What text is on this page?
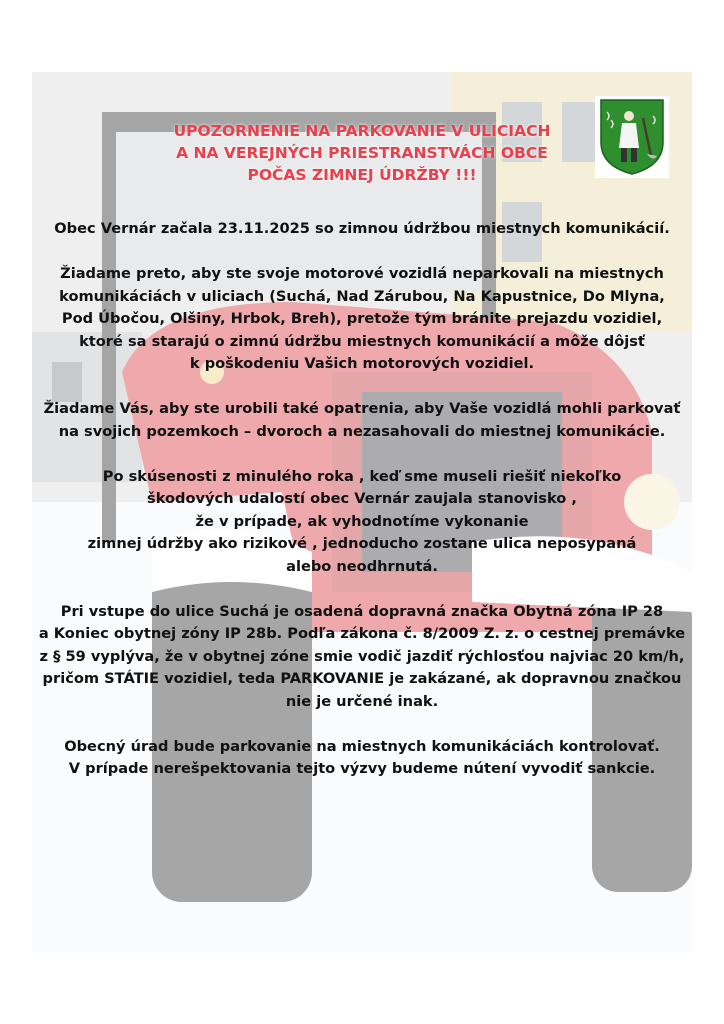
UPOZORNENIE NA PARKOVANIE V ULICIACH
A NA VEREJNÝCH PRIESTRANSTVÁCH OBCE
POČAS ZIMNEJ ÚDRŽBY !!!

Obec Vernár začala 23.11.2025 so zimnou údržbou miestnych komunikácií.

Žiadame preto, aby ste svoje motorové vozidlá neparkovali na miestnych
komunikáciách v uliciach (Suchá, Nad Zárubou, Na Kapustnice, Do Mlyna,
Pod Úbočou, Olšiny, Hrbok, Breh), pretože tým bránite prejazdu vozidiel,
ktoré sa starajú o zimnú údržbu miestnych komunikácií a môže dôjsť
k poškodeniu Vašich motorových vozidiel.

Žiadame Vás, aby ste urobili také opatrenia, aby Vaše vozidlá mohli parkovať
na svojich pozemkoch – dvoroch a nezasahovali do miestnej komunikácie.

Po skúsenosti z minulého roka , keď sme museli riešiť niekoľko
škodových udalostí obec Vernár zaujala stanovisko ,
že v prípade, ak vyhodnotíme vykonanie
zimnej údržby ako rizikové , jednoducho zostane ulica neposypaná
alebo neodhrnutá.

Pri vstupe do ulice Suchá je osadená dopravná značka Obytná zóna IP 28
a Koniec obytnej zóny IP 28b. Podľa zákona č. 8/2009 Z. z. o cestnej premávke
z § 59 vyplýva, že v obytnej zóne smie vodič jazdiť rýchlosťou najviac 20 km/h,
pričom STÁTIE vozidiel, teda PARKOVANIE je zakázané, ak dopravnou značkou
nie je určené inak.

Obecný úrad bude parkovanie na miestnych komunikáciách kontrolovať.
V prípade nerešpektovania tejto výzvy budeme nútení vyvodiť sankcie.
